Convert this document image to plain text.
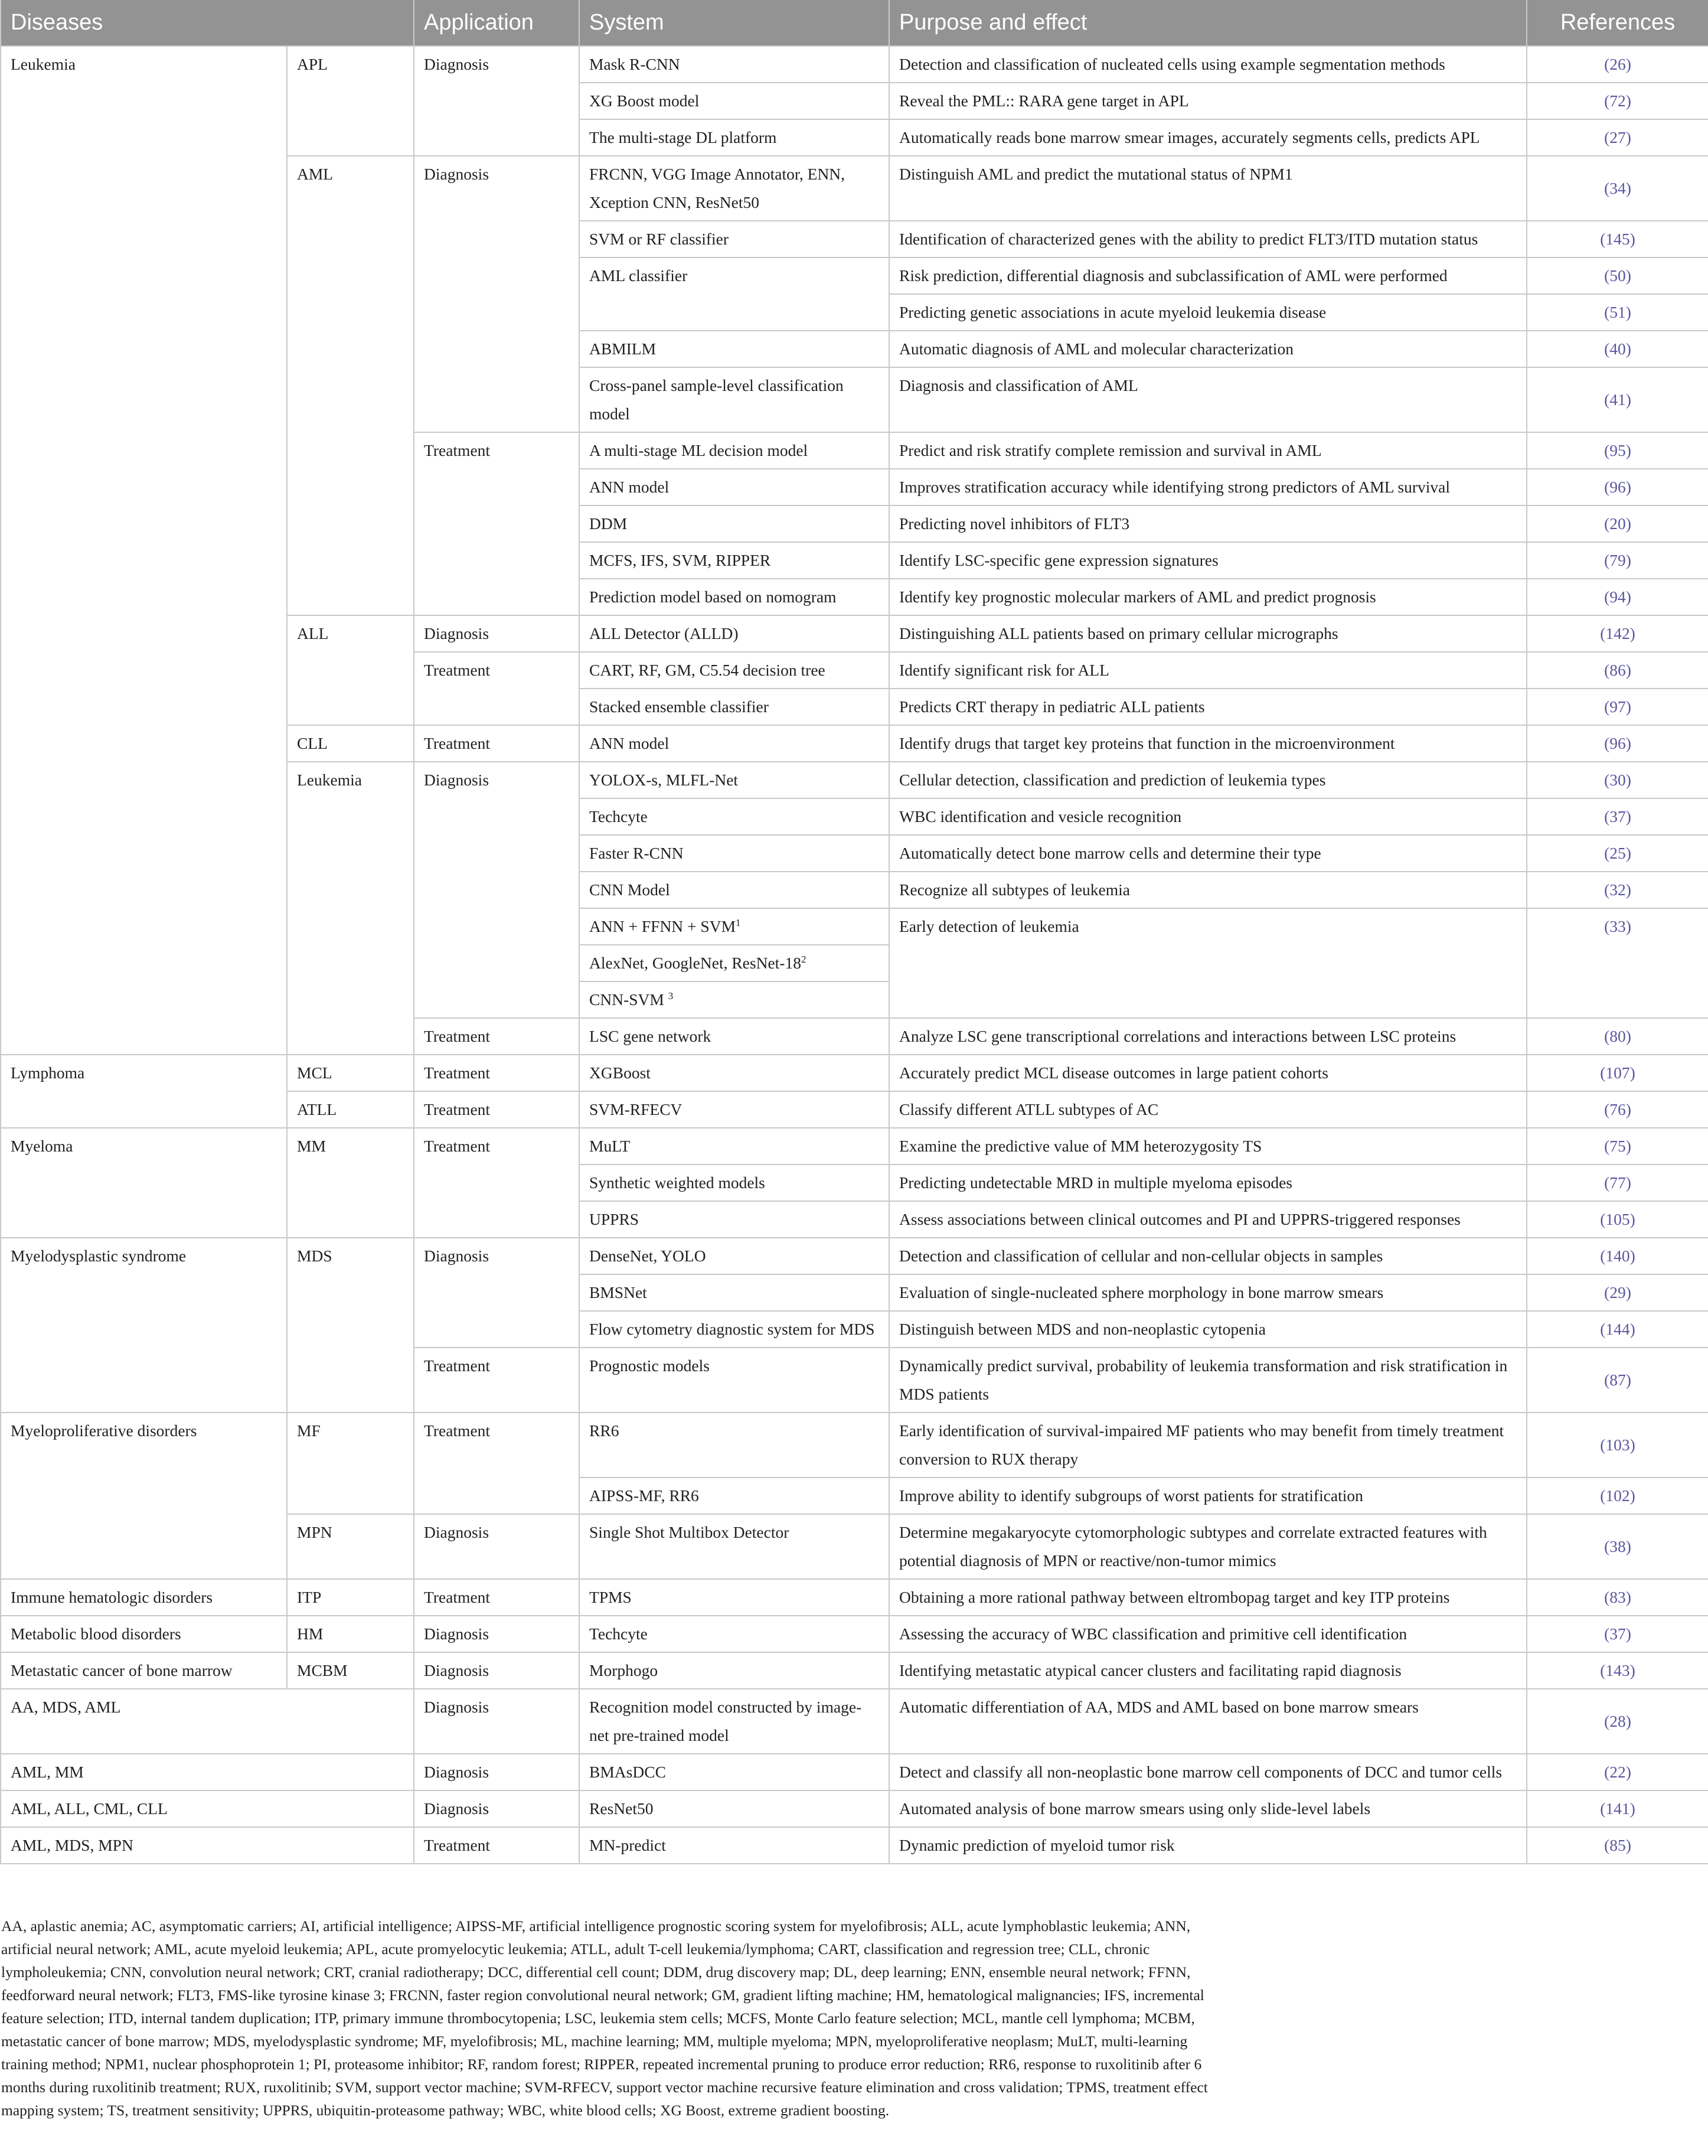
Diseases		Application	System	Purpose and effect	References
Leukemia	APL	Diagnosis	Mask R-CNN	Detection and classification of nucleated cells using example segmentation methods	(26)
			XG Boost model	Reveal the PML:: RARA gene target in APL	(72)
			The multi-stage DL platform	Automatically reads bone marrow smear images, accurately segments cells, predicts APL	(27)
	AML	Diagnosis	FRCNN, VGG Image Annotator, ENN, Xception CNN, ResNet50	Distinguish AML and predict the mutational status of NPM1	(34)
			SVM or RF classifier	Identification of characterized genes with the ability to predict FLT3/ITD mutation status	(145)
			AML classifier	Risk prediction, differential diagnosis and subclassification of AML were performed	(50)
				Predicting genetic associations in acute myeloid leukemia disease	(51)
			ABMILM	Automatic diagnosis of AML and molecular characterization	(40)
			Cross-panel sample-level classification model	Diagnosis and classification of AML	(41)
		Treatment	A multi-stage ML decision model	Predict and risk stratify complete remission and survival in AML	(95)
			ANN model	Improves stratification accuracy while identifying strong predictors of AML survival	(96)
			DDM	Predicting novel inhibitors of FLT3	(20)
			MCFS, IFS, SVM, RIPPER	Identify LSC-specific gene expression signatures	(79)
			Prediction model based on nomogram	Identify key prognostic molecular markers of AML and predict prognosis	(94)
	ALL	Diagnosis	ALL Detector (ALLD)	Distinguishing ALL patients based on primary cellular micrographs	(142)
		Treatment	CART, RF, GM, C5.54 decision tree	Identify significant risk for ALL	(86)
			Stacked ensemble classifier	Predicts CRT therapy in pediatric ALL patients	(97)
	CLL	Treatment	ANN model	Identify drugs that target key proteins that function in the microenvironment	(96)
	Leukemia	Diagnosis	YOLOX-s, MLFL-Net	Cellular detection, classification and prediction of leukemia types	(30)
			Techcyte	WBC identification and vesicle recognition	(37)
			Faster R-CNN	Automatically detect bone marrow cells and determine their type	(25)
			CNN Model	Recognize all subtypes of leukemia	(32)
			ANN + FFNN + $SVM^1$	Early detection of leukemia	(33)
			AlexNet, GoogleNet, ResNet-$18^2$
			CNN-SVM $^3$
		Treatment	LSC gene network	Analyze LSC gene transcriptional correlations and interactions between LSC proteins	(80)
Lymphoma	MCL	Treatment	XGBoost	Accurately predict MCL disease outcomes in large patient cohorts	(107)
	ATLL	Treatment	SVM-RFECV	Classify different ATLL subtypes of AC	(76)
Myeloma	MM	Treatment	MuLT	Examine the predictive value of MM heterozygosity TS	(75)
			Synthetic weighted models	Predicting undetectable MRD in multiple myeloma episodes	(77)
			UPPRS	Assess associations between clinical outcomes and PI and UPPRS-triggered responses	(105)
Myelodysplastic syndrome	MDS	Diagnosis	DenseNet, YOLO	Detection and classification of cellular and non-cellular objects in samples	(140)
			BMSNet	Evaluation of single-nucleated sphere morphology in bone marrow smears	(29)
			Flow cytometry diagnostic system for MDS	Distinguish between MDS and non-neoplastic cytopenia	(144)
		Treatment	Prognostic models	Dynamically predict survival, probability of leukemia transformation and risk stratification in MDS patients	(87)
Myeloproliferative disorders	MF	Treatment	RR6	Early identification of survival-impaired MF patients who may benefit from timely treatment conversion to RUX therapy	(103)
			AIPSS-MF, RR6	Improve ability to identify subgroups of worst patients for stratification	(102)
	MPN	Diagnosis	Single Shot Multibox Detector	Determine megakaryocyte cytomorphologic subtypes and correlate extracted features with potential diagnosis of MPN or reactive/non-tumor mimics	(38)
Immune hematologic disorders	ITP	Treatment	TPMS	Obtaining a more rational pathway between eltrombopag target and key ITP proteins	(83)
Metabolic blood disorders	HM	Diagnosis	Techcyte	Assessing the accuracy of WBC classification and primitive cell identification	(37)
Metastatic cancer of bone marrow	MCBM	Diagnosis	Morphogo	Identifying metastatic atypical cancer clusters and facilitating rapid diagnosis	(143)
AA, MDS, AML		Diagnosis	Recognition model constructed by image-net pre-trained model	Automatic differentiation of AA, MDS and AML based on bone marrow smears	(28)
AML, MM		Diagnosis	BMAsDCC	Detect and classify all non-neoplastic bone marrow cell components of DCC and tumor cells	(22)
AML, ALL, CML, CLL		Diagnosis	ResNet50	Automated analysis of bone marrow smears using only slide-level labels	(141)
AML, MDS, MPN		Treatment	MN-predict	Dynamic prediction of myeloid tumor risk	(85)
AA, aplastic anemia; AC, asymptomatic carriers; AI, artificial intelligence; AIPSS-MF, artificial intelligence prognostic scoring system for myelofibrosis; ALL, acute lymphoblastic leukemia; ANN, artificial neural network; AML, acute myeloid leukemia; APL, acute promyelocytic leukemia; ATLL, adult T-cell leukemia/lymphoma; CART, classification and regression tree; CLL, chronic lympholeukemia; CNN, convolution neural network; CRT, cranial radiotherapy; DCC, differential cell count; DDM, drug discovery map; DL, deep learning; ENN, ensemble neural network; FFNN, feedforward neural network; FLT3, FMS-like tyrosine kinase 3; FRCNN, faster region convolutional neural network; GM, gradient lifting machine; HM, hematological malignancies; IFS, incremental feature selection; ITD, internal tandem duplication; ITP, primary immune thrombocytopenia; LSC, leukemia stem cells; MCFS, Monte Carlo feature selection; MCL, mantle cell lymphoma; MCBM, metastatic cancer of bone marrow; MDS, myelodysplastic syndrome; MF, myelofibrosis; ML, machine learning; MM, multiple myeloma; MPN, myeloproliferative neoplasm; MuLT, multi-learning training method; NPM1, nuclear phosphoprotein 1; PI, proteasome inhibitor; RF, random forest; RIPPER, repeated incremental pruning to produce error reduction; RR6, response to ruxolitinib after 6 months during ruxolitinib treatment; RUX, ruxolitinib; SVM, support vector machine; SVM-RFECV, support vector machine recursive feature elimination and cross validation; TPMS, treatment effect mapping system; TS, treatment sensitivity; UPPRS, ubiquitin-proteasome pathway; WBC, white blood cells; XG Boost, extreme gradient boosting.
